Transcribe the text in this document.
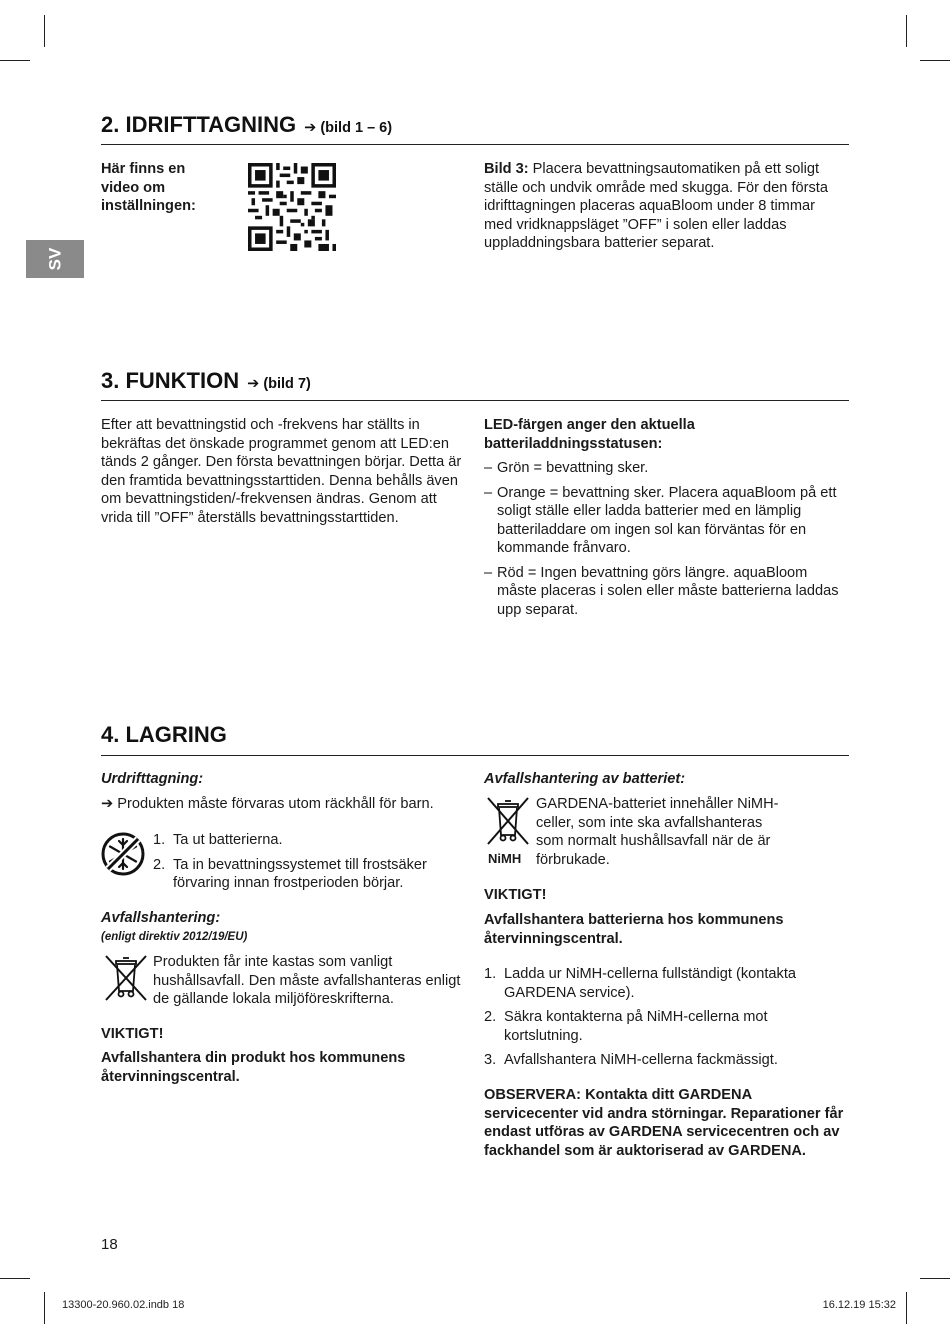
SV
2. IDRIFTTAGNING ➔ (bild 1 – 6)
Här finns en video om inställningen:
Bild 3: Placera bevattningsautomatiken på ett soligt ställe och undvik område med skugga. För den första idrifttagningen placeras aquaBloom under 8 timmar med vridknappsläget ”OFF” i solen eller laddas uppladdningsbara batterier separat.
3. FUNKTION ➔ (bild 7)
Efter att bevattningstid och -frekvens har ställts in bekräftas det önskade programmet genom att LED:en tänds 2 gånger. Den första bevattningen börjar. Detta är den framtida bevattningsstarttiden. Denna behålls även om bevattningstiden/-frekvensen ändras. Genom att vrida till ”OFF” återställs bevattningsstarttiden.

LED-färgen anger den aktuella batteriladdningsstatusen:

– Grön = bevattning sker.
– Orange = bevattning sker. Placera aquaBloom på ett soligt ställe eller ladda batterier med en lämplig batteriladdare om ingen sol kan förväntas för en kommande frånvaro.
– Röd = Ingen bevattning görs längre. aquaBloom måste placeras i solen eller måste batterierna laddas upp separat.
4. LAGRING
Urdrifttagning:
➔ Produkten måste förvaras utom räckhåll för barn.
1. Ta ut batterierna.
2. Ta in bevattningssystemet till frostsäker förvaring innan frostperioden börjar.
Avfallshantering:
(enligt direktiv 2012/19/EU)
Produkten får inte kastas som vanligt hushållsavfall. Den måste avfallshanteras enligt de gällande lokala miljöföreskrifterna.
VIKTIGT!
Avfallshantera din produkt hos kommunens återvinningscentral.
Avfallshantering av batteriet:
NiMH
GARDENA-batteriet innehåller NiMH-celler, som inte ska avfallshanteras som normalt hushållsavfall när de är förbrukade.
VIKTIGT!
Avfallshantera batterierna hos kommunens återvinningscentral.
1. Ladda ur NiMH-cellerna fullständigt (kontakta GARDENA service).
2. Säkra kontakterna på NiMH-cellerna mot kortslutning.
3. Avfallshantera NiMH-cellerna fackmässigt.
OBSERVERA: Kontakta ditt GARDENA servicecenter vid andra störningar. Reparationer får endast utföras av GARDENA servicecentren och av fackhandel som är auktoriserad av GARDENA.
18
13300-20.960.02.indb 18	16.12.19 15:32
